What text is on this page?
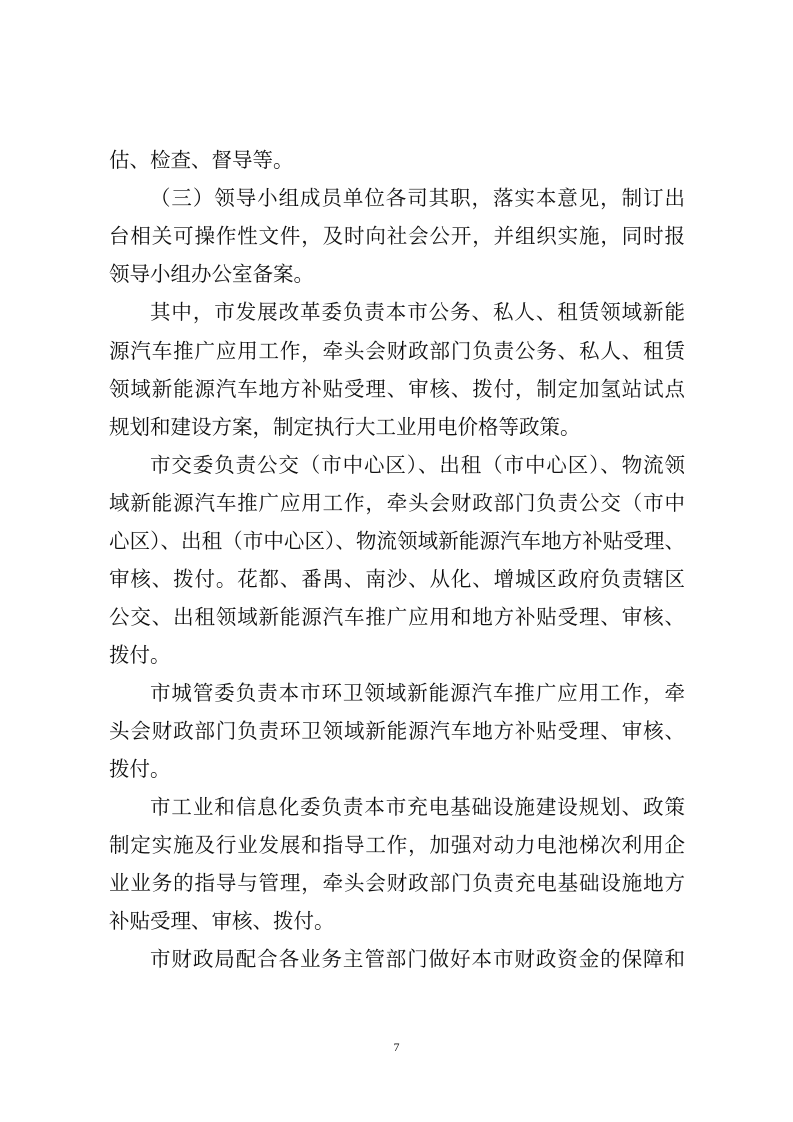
估、检查、督导等。
（三）领导小组成员单位各司其职，落实本意见，制订出
台相关可操作性文件，及时向社会公开，并组织实施，同时报
领导小组办公室备案。
其中，市发展改革委负责本市公务、私人、租赁领域新能
源汽车推广应用工作，牵头会财政部门负责公务、私人、租赁
领域新能源汽车地方补贴受理、审核、拨付，制定加氢站试点
规划和建设方案，制定执行大工业用电价格等政策。
市交委负责公交（市中心区）、出租（市中心区）、物流领
域新能源汽车推广应用工作，牵头会财政部门负责公交（市中
心区）、出租（市中心区）、物流领域新能源汽车地方补贴受理、
审核、拨付。花都、番禺、南沙、从化、增城区政府负责辖区
公交、出租领域新能源汽车推广应用和地方补贴受理、审核、
拨付。
市城管委负责本市环卫领域新能源汽车推广应用工作，牵
头会财政部门负责环卫领域新能源汽车地方补贴受理、审核、
拨付。
市工业和信息化委负责本市充电基础设施建设规划、政策
制定实施及行业发展和指导工作，加强对动力电池梯次利用企
业业务的指导与管理，牵头会财政部门负责充电基础设施地方
补贴受理、审核、拨付。
市财政局配合各业务主管部门做好本市财政资金的保障和
7
